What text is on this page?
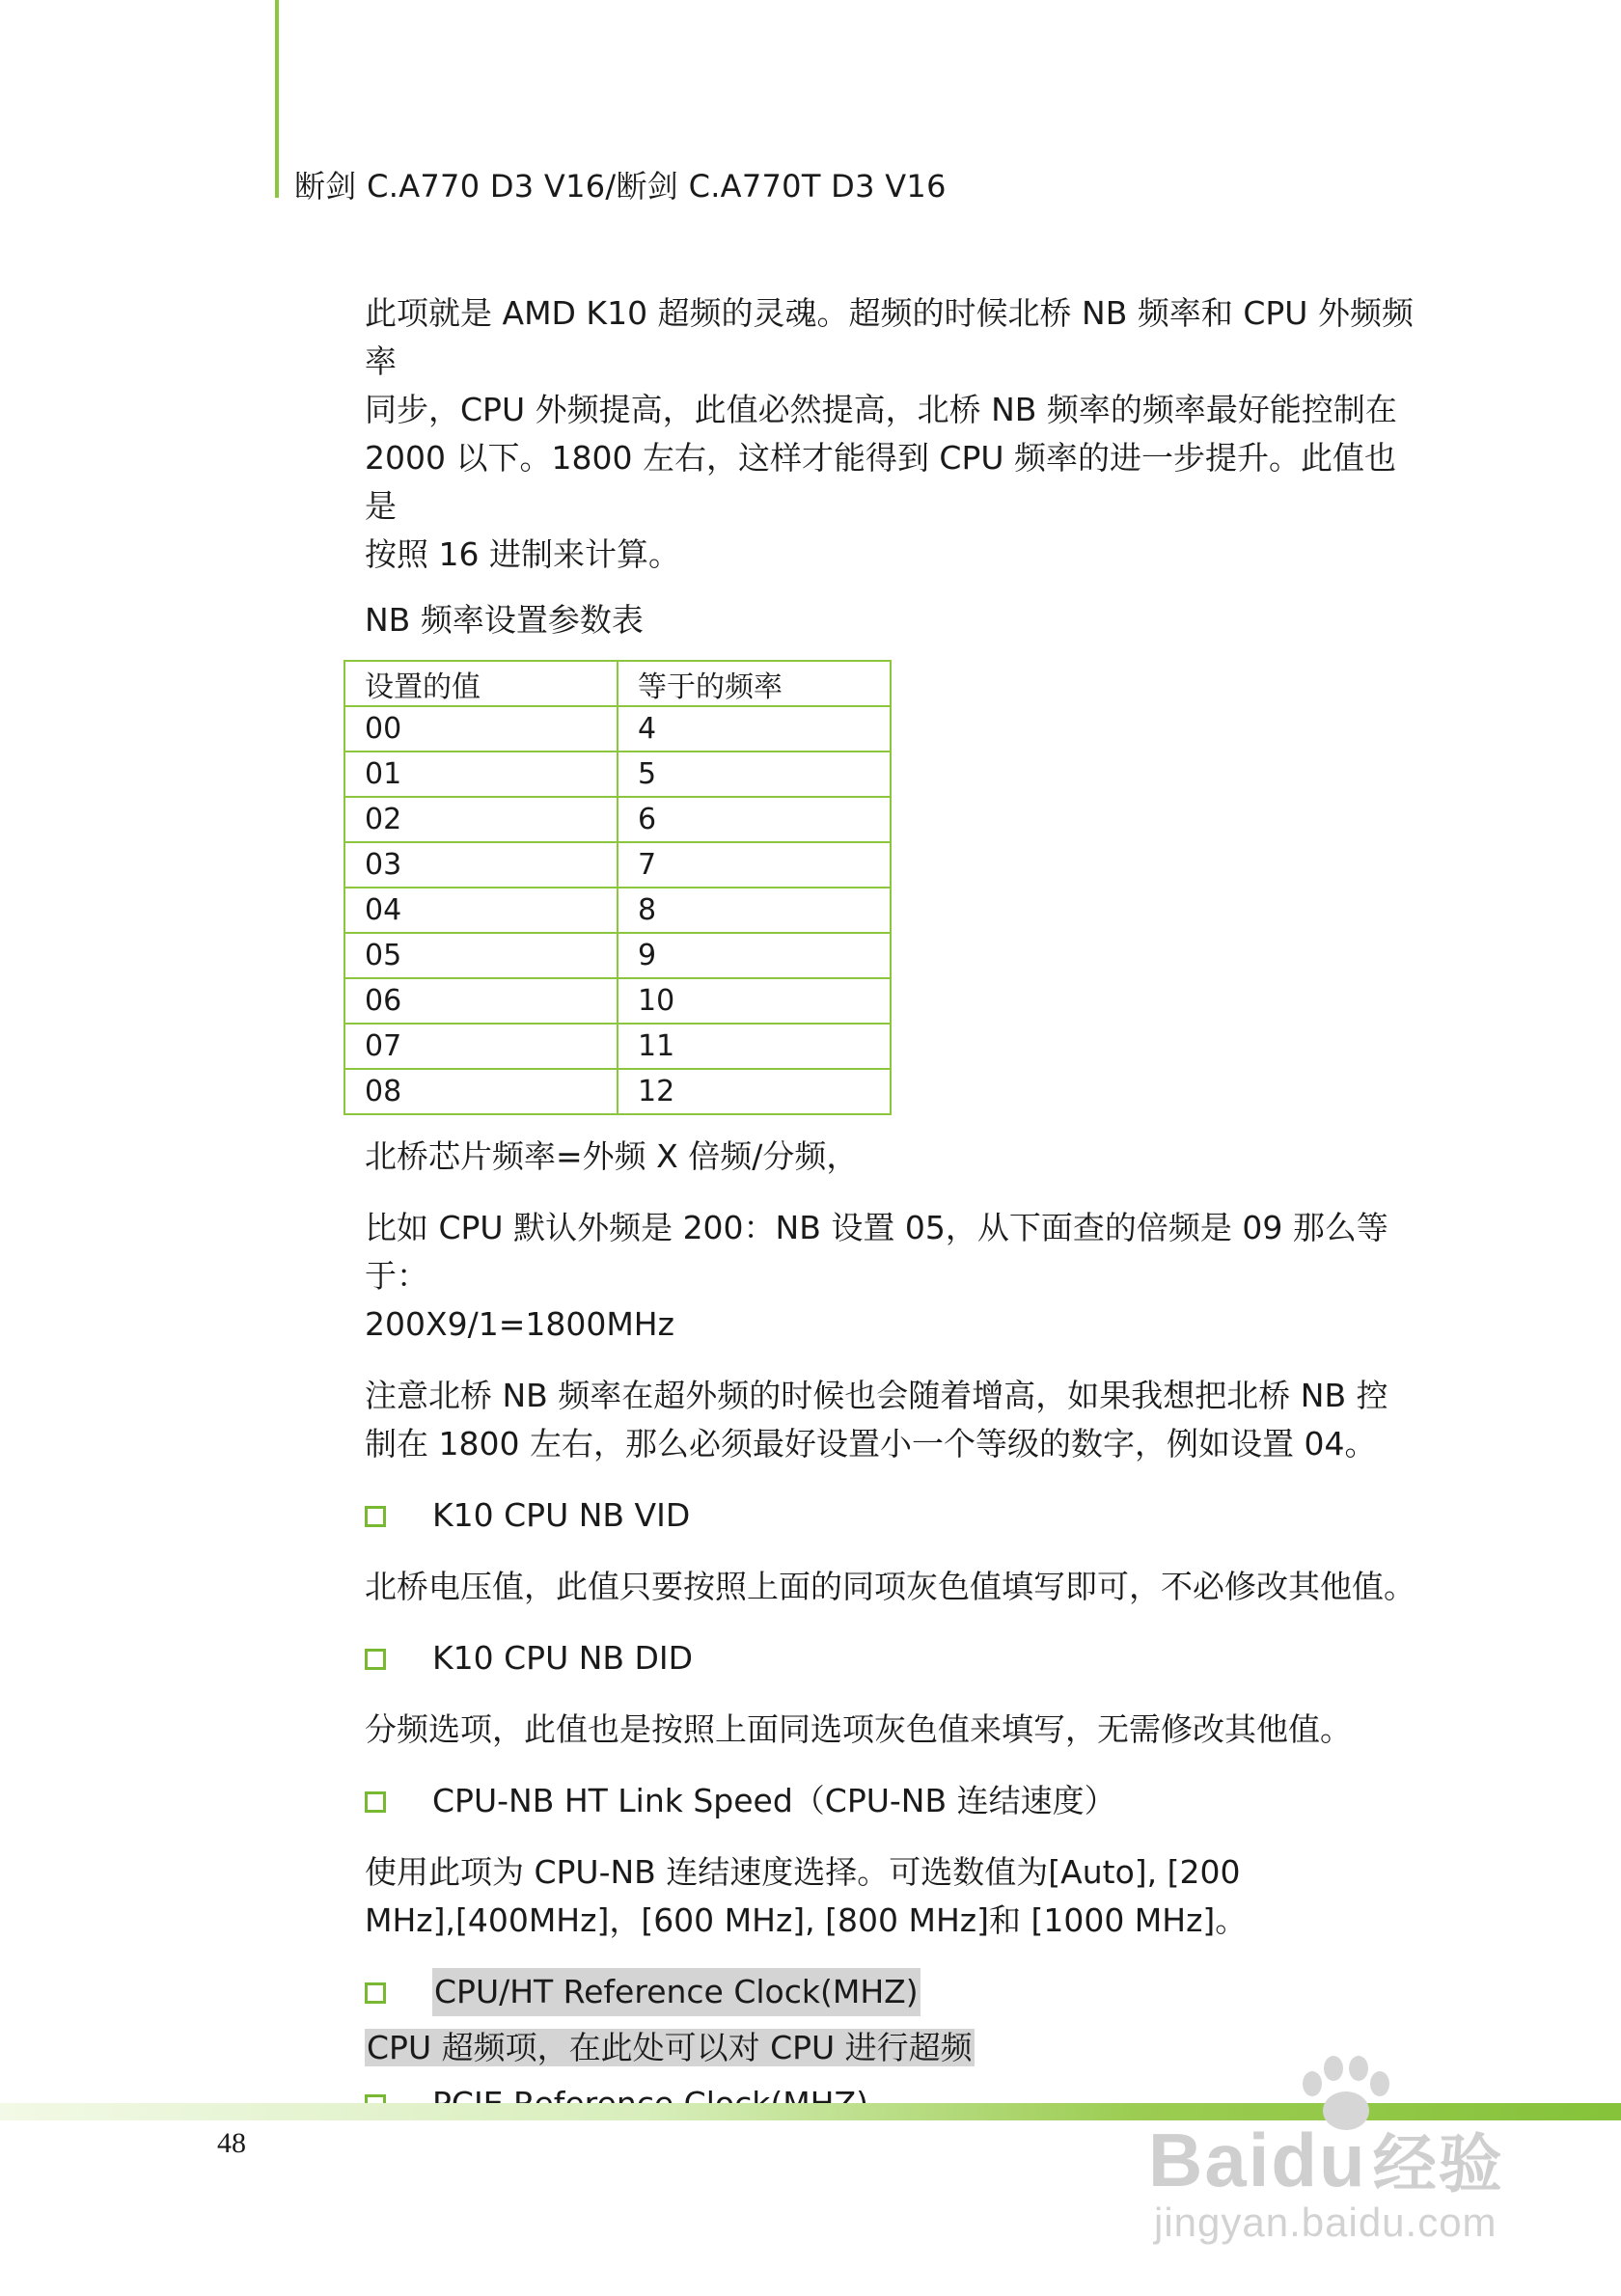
断剑 C.A770 D3 V16/断剑 C.A770T D3 V16

此项就是 AMD K10 超频的灵魂。超频的时候北桥 NB 频率和 CPU 外频频率

同步，CPU 外频提高，此值必然提高，北桥 NB 频率的频率最好能控制在

2000 以下。1800 左右，这样才能得到 CPU 频率的进一步提升。此值也是

按照 16 进制来计算。

NB 频率设置参数表

设置的值	等于的频率
00	4
01	5
02	6
03	7
04	8
05	9
06	10
07	11
08	12

北桥芯片频率=外频 X 倍频/分频，

比如 CPU 默认外频是 200：NB 设置 05，从下面查的倍频是 09 那么等于：

200X9/1=1800MHz

注意北桥 NB 频率在超外频的时候也会随着增高，如果我想把北桥 NB 控

制在 1800 左右，那么必须最好设置小一个等级的数字，例如设置 04。

K10 CPU NB VID

北桥电压值，此值只要按照上面的同项灰色值填写即可，不必修改其他值。

K10 CPU NB DID

分频选项，此值也是按照上面同选项灰色值来填写，无需修改其他值。

CPU-NB HT Link Speed（CPU-NB 连结速度）

使用此项为 CPU-NB 连结速度选择。可选数值为[Auto], [200

MHz],[400MHz]，[600 MHz], [800 MHz]和 [1000 MHz]。

CPU/HT Reference Clock(MHZ)

CPU 超频项，在此处可以对 CPU 进行超频

48	Baidu经验
jingyan.baidu.com
